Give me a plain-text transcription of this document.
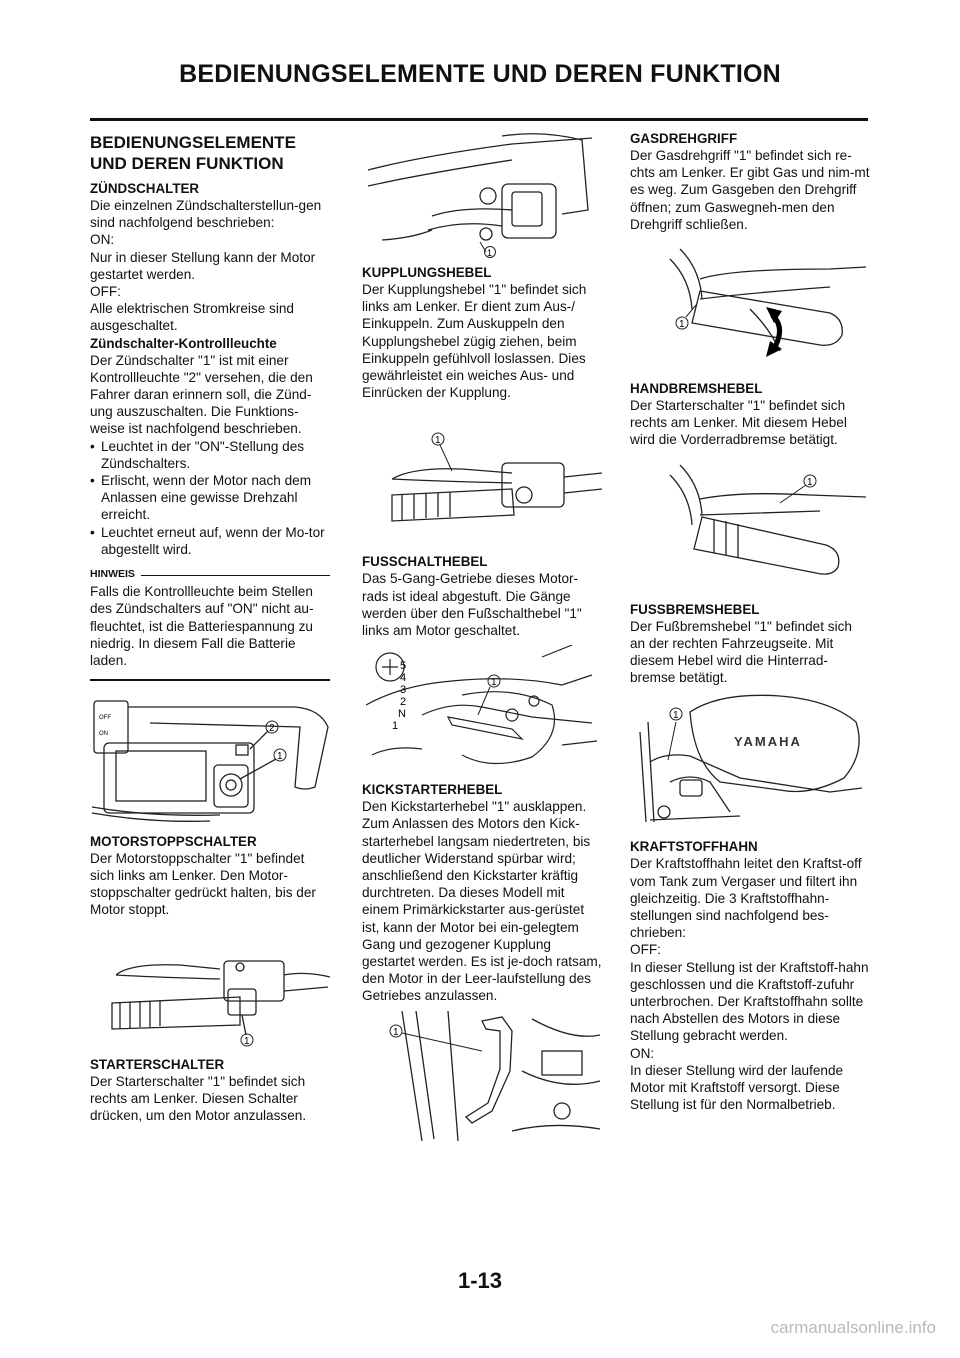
BEDIENUNGSELEMENTE UND DEREN FUNKTION
BEDIENUNGSELEMENTE UND DEREN FUNKTION
ZÜNDSCHALTER

Die einzelnen Zündschalterstellun-gen sind nachfolgend beschrieben:

ON:

Nur in dieser Stellung kann der Motor gestartet werden.

OFF:

Alle elektrischen Stromkreise sind ausgeschaltet.

Zündschalter-Kontrollleuchte

Der Zündschalter "1" ist mit einer Kontrollleuchte "2" versehen, die den Fahrer daran erinnern soll, die Zünd-ung auszuschalten. Die Funktions-weise ist nachfolgend beschrieben.

• Leuchtet in der "ON"-Stellung des Zündschalters.
• Erlischt, wenn der Motor nach dem Anlassen eine gewisse Drehzahl erreicht.
• Leuchtet erneut auf, wenn der Mo-tor abgestellt wird.
HINWEIS

Falls die Kontrollleuchte beim Stellen des Zündschalters auf "ON" nicht au-fleuchtet, ist die Batteriespannung zu niedrig. In diesem Fall die Batterie laden.

OFF
ON	2
1
MOTORSTOPPSCHALTER

Der Motorstoppschalter "1" befindet sich links am Lenker. Den Motor-stoppschalter gedrückt halten, bis der Motor stoppt.

1
STARTERSCHALTER

Der Starterschalter "1" befindet sich rechts am Lenker. Diesen Schalter drücken, um den Motor anzulassen.

1
KUPPLUNGSHEBEL

Der Kupplungshebel "1" befindet sich links am Lenker. Er dient zum Aus-/ Einkuppeln. Zum Auskuppeln den Kupplungshebel zügig ziehen, beim Einkuppeln gefühlvoll loslassen. Dies gewährleistet ein weiches Aus- und Einrücken der Kupplung.

1
FUSSCHALTHEBEL

Das 5-Gang-Getriebe dieses Motor-rads ist ideal abgestuft. Die Gänge werden über den Fußschalthebel "1" links am Motor geschaltet.

5
4
3
2
N
1
1
KICKSTARTERHEBEL

Den Kickstarterhebel "1" ausklappen. Zum Anlassen des Motors den Kick-starterhebel langsam niedertreten, bis deutlicher Widerstand spürbar wird; anschließend den Kickstarter kräftig durchtreten. Da dieses Modell mit einem Primärkickstarter aus-gerüstet ist, kann der Motor bei ein-gelegtem Gang und gezogener Kupplung gestartet werden. Es ist je-doch ratsam, den Motor in der Leer-laufstellung des Getriebes anzulassen.

1
GASDREHGRIFF

Der Gasdrehgriff "1" befindet sich re-chts am Lenker. Er gibt Gas und nim-mt es weg. Zum Gasgeben den Drehgriff öffnen; zum Gaswegneh-men den Drehgriff schließen.

1
HANDBREMSHEBEL

Der Starterschalter "1" befindet sich rechts am Lenker. Mit diesem Hebel wird die Vorderradbremse betätigt.

1
FUSSBREMSHEBEL

Der Fußbremshebel "1" befindet sich an der rechten Fahrzeugseite. Mit diesem Hebel wird die Hinterrad-bremse betätigt.

YAMAHA
1
KRAFTSTOFFHAHN

Der Kraftstoffhahn leitet den Kraftst-off vom Tank zum Vergaser und filtert ihn gleichzeitig. Die 3 Kraftstoffhahn-stellungen sind nachfolgend bes-chrieben:

OFF:

In dieser Stellung ist der Kraftstoff-hahn geschlossen und die Kraftstoff-zufuhr unterbrochen. Der Kraftstoffhahn sollte nach Abstellen des Motors in diese Stellung gebracht werden.

ON:

In dieser Stellung wird der laufende Motor mit Kraftstoff versorgt. Diese Stellung ist für den Normalbetrieb.

1-13
carmanualsonline.info
